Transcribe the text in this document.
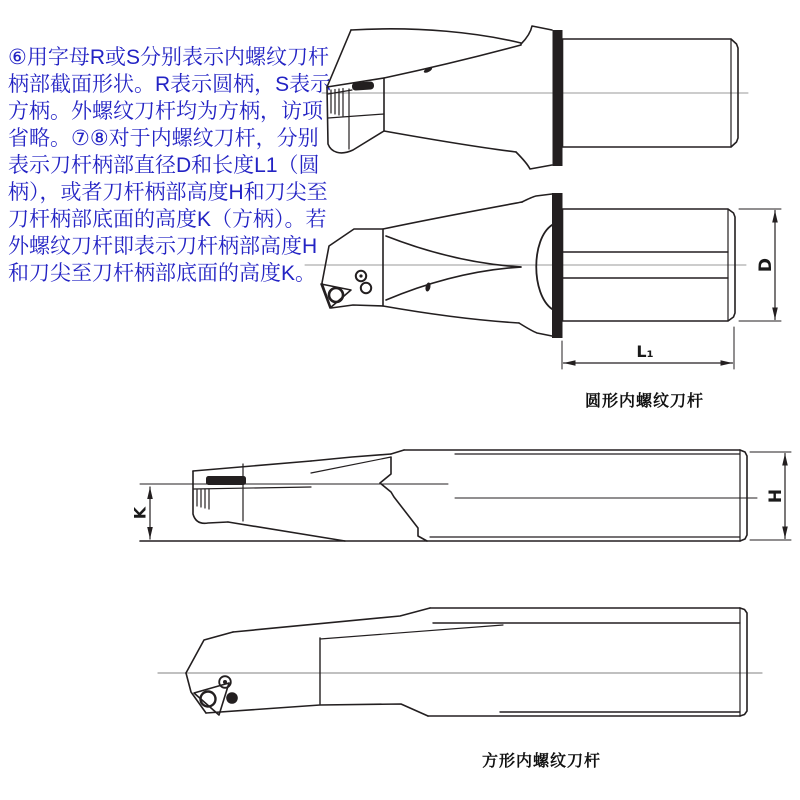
⑥用字母R或S分别表示内螺纹刀杆柄部截面形状。R表示圆柄，S表示方柄。外螺纹刀杆均为方柄，访项省略。⑦⑧对于内螺纹刀杆，分别表示刀杆柄部直径D和长度L1（圆柄），或者刀杆柄部高度H和刀尖至刀杆柄部底面的高度K（方柄）。若外螺纹刀杆即表示刀杆柄部高度H和刀尖至刀杆柄部底面的高度K。	D
L₁
K
H
圆形内螺纹刀杆
方形内螺纹刀杆
